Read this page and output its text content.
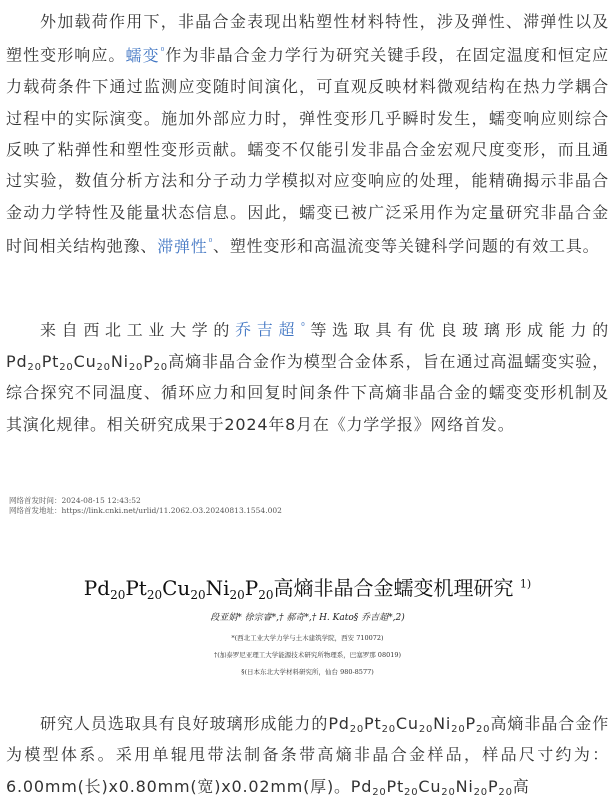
外加载荷作用下，非晶合金表现出粘塑性材料特性，涉及弹性、滞弹性以及塑性变形响应。蠕变$^{^0}$作为非晶合金力学行为研究关键手段，在固定温度和恒定应力载荷条件下通过监测应变随时间演化，可直观反映材料微观结构在热力学耦合过程中的实际演变。施加外部应力时，弹性变形几乎瞬时发生，蠕变响应则综合反映了粘弹性和塑性变形贡献。蠕变不仅能引发非晶合金宏观尺度变形，而且通过实验，数值分析方法和分子动力学模拟对应变响应的处理，能精确揭示非晶合金动力学特性及能量状态信息。因此，蠕变已被广泛采用作为定量研究非晶合金时间相关结构弛豫、滞弹性$^{^0}$、塑性变形和高温流变等关键科学问题的有效工具。

来自西北工业大学的乔吉超$^{^0}$等选取具有优良玻璃形成能力的$Pd_{20}Pt_{20}Cu_{20}Ni_{20}P_{20}$高熵非晶合金作为模型合金体系，旨在通过高温蠕变实验，综合探究不同温度、循环应力和回复时间条件下高熵非晶合金的蠕变变形机制及其演化规律。相关研究成果于2024年8月在《力学学报》网络首发。

网络首发时间：2024-08-15 12:43:52
网络首发地址：https://link.cnki.net/urlid/11.2062.O3.20240813.1554.002
$Pd_{20}Pt_{20}Cu_{20}Ni_{20}P_{20}$高熵非晶合金蠕变机理研究 $^{1)}$
段亚娟* 徐宗睿*,† 郝奇*,† H. Kato§ 乔吉超*,2)
*(西北工业大学力学与土木建筑学院，西安 710072)
†(加泰罗尼亚理工大学能源技术研究所物理系，巴塞罗那 08019)
§(日本东北大学材料研究所，仙台 980-8577)

研究人员选取具有良好玻璃形成能力的$Pd_{20}Pt_{20}Cu_{20}Ni_{20}P_{20}$高熵非晶合金作为模型体系。采用单辊甩带法制备条带高熵非晶合金样品，样品尺寸约为：6.00mm(长)x0.80mm(宽)x0.02mm(厚)。$Pd_{20}Pt_{20}Cu_{20}Ni_{20}P_{20}$高
